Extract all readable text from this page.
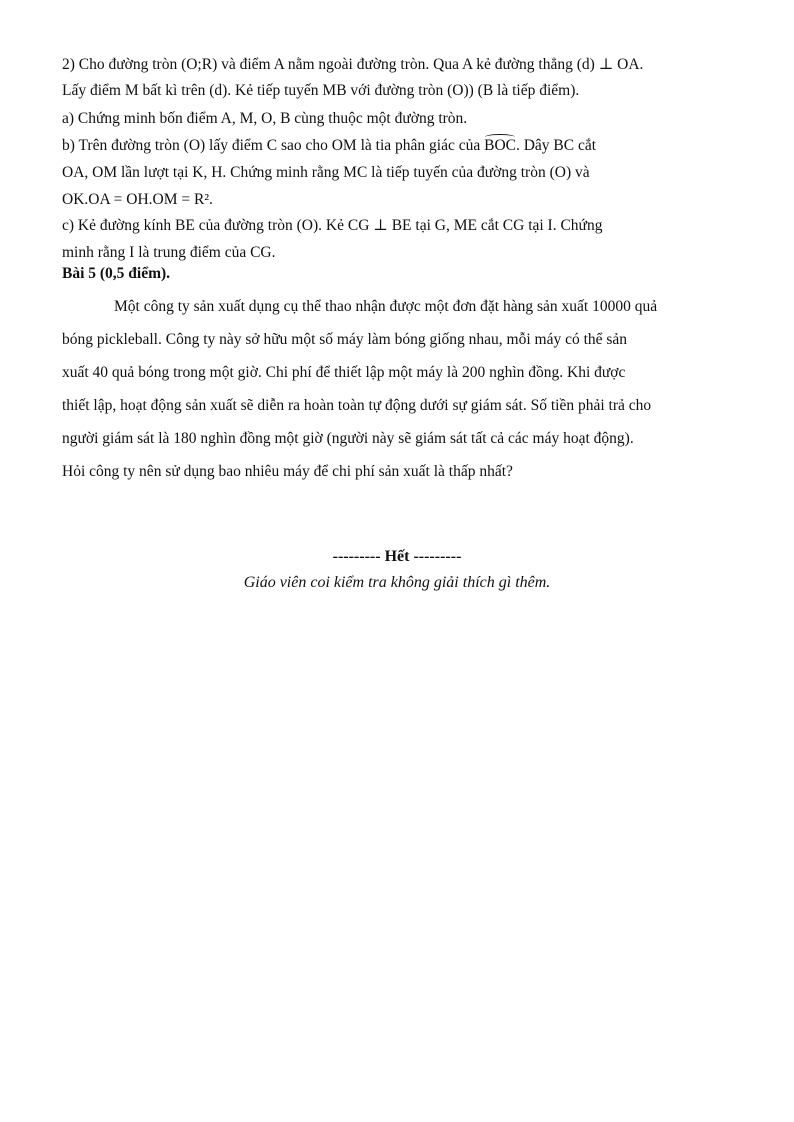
2) Cho đường tròn (O;R) và điểm A nằm ngoài đường tròn. Qua A kẻ đường thẳng (d) ⊥ OA.
Lấy điểm M bất kì trên (d). Kẻ tiếp tuyến MB với đường tròn (O)) (B là tiếp điểm).
a) Chứng minh bốn điểm A, M, O, B cùng thuộc một đường tròn.
b) Trên đường tròn (O) lấy điểm C sao cho OM là tia phân giác của BOC. Dây BC cắt
OA, OM lần lượt tại K, H. Chứng minh rằng MC là tiếp tuyến của đường tròn (O) và
OK.OA = OH.OM = R².
c) Kẻ đường kính BE của đường tròn (O). Kẻ CG ⊥ BE tại G, ME cắt CG tại I. Chứng
minh rằng I là trung điểm của CG.
Bài 5 (0,5 điểm).
Một công ty sản xuất dụng cụ thể thao nhận được một đơn đặt hàng sản xuất 10000 quả
bóng pickleball. Công ty này sở hữu một số máy làm bóng giống nhau, mỗi máy có thể sản
xuất 40 quả bóng trong một giờ. Chi phí để thiết lập một máy là 200 nghìn đồng. Khi được
thiết lập, hoạt động sản xuất sẽ diễn ra hoàn toàn tự động dưới sự giám sát. Số tiền phải trả cho
người giám sát là 180 nghìn đồng một giờ (người này sẽ giám sát tất cả các máy hoạt động).
Hỏi công ty nên sử dụng bao nhiêu máy để chi phí sản xuất là thấp nhất?
--------- Hết ---------
Giáo viên coi kiểm tra không giải thích gì thêm.
